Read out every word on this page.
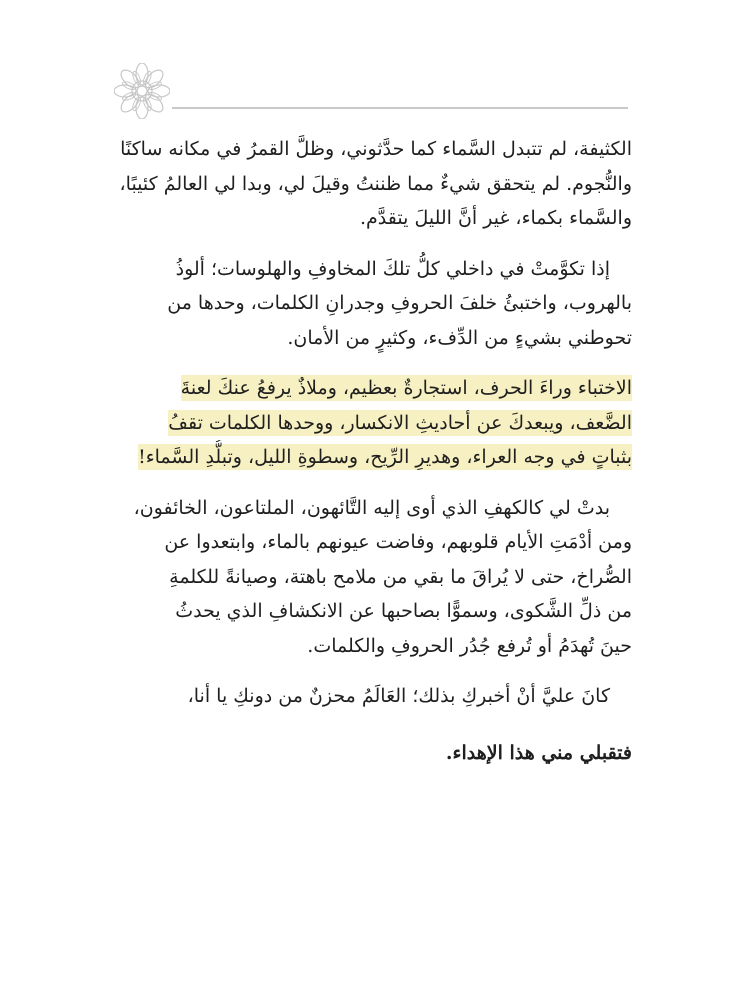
الكثيفة، لم تتبدل السَّماء كما حدَّثوني، وظلَّ القمرُ في مكانه ساكنًا
والنُّجوم. لم يتحقق شيءٌ مما ظننتُ وقيلَ لي، وبدا لي العالمُ كئيبًا،
والسَّماء بكماء، غير أنَّ الليلَ يتقدَّم.

إذا تكوَّمتْ في داخلي كلُّ تلكَ المخاوفِ والهلوسات؛ ألوذُ
بالهروب، واختبئُ خلفَ الحروفِ وجدرانِ الكلمات، وحدها من
تحوطني بشيءٍ من الدِّفء، وكثيرٍ من الأمان.

الاختباء وراءَ الحرف، استجارةٌ بعظيم، وملاذٌ يرفعُ عنكَ لعنةَ
الضَّعف، ويبعدكَ عن أحاديثِ الانكسار، ووحدها الكلمات تقفُ
بثباتٍ في وجه العراء، وهديرِ الرِّيح، وسطوةِ الليل، وتبلُّدِ السَّماء!

بدتْ لي كالكهفِ الذي أوى إليه التَّائهون، الملتاعون، الخائفون،
ومن أدْمَتِ الأيام قلوبهم، وفاضت عيونهم بالماء، وابتعدوا عن
الصُّراخ، حتى لا يُراقَ ما بقي من ملامح باهتة، وصيانةً للكلمةِ
من ذلِّ الشَّكوى، وسموًّا بصاحبها عن الانكشافِ الذي يحدثُ
حينَ تُهدَمُ أو تُرفع جُدُر الحروفِ والكلمات.

كانَ عليَّ أنْ أخبركِ بذلك؛ العَالَمُ محزنٌ من دونكِ يا أنا،

فتقبلي مني هذا الإهداء.
